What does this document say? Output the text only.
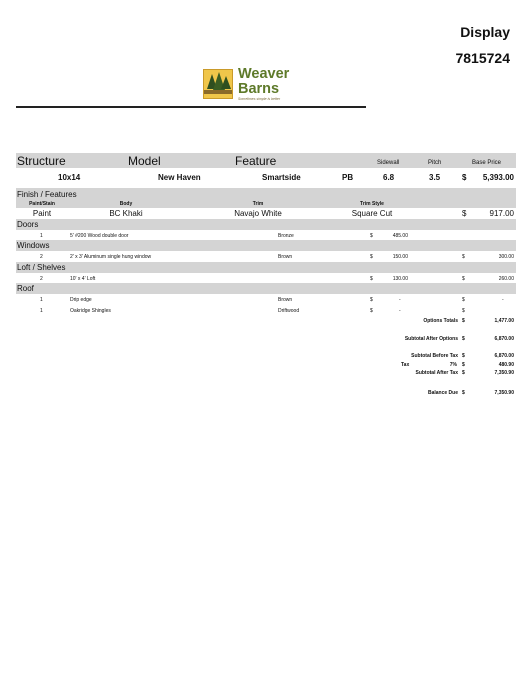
Display
7815724
Weaver Barns
Sometimes simple is better
Structure	Model	Feature	Sidewall	Pitch	Base Price
10x14	New Haven	Smartside	PB	6.8	3.5	$	5,393.00
Finish / Features
Paint/Stain	Body	Trim	Trim Style
Paint	BC Khaki	Navajo White	Square Cut	$	917.00
Doors
1	5' #200 Wood double door	Bronze	$	485.00
Windows
2	2' x 3' Aluminum single hung window	Brown	$	150.00	$	300.00
Loft / Shelves
2	10' x 4' Loft	$	130.00	$	260.00
Roof
1	Drip edge	Brown	$	-	$	-
1	Oakridge Shingles	Driftwood	$	-	$
Options Totals $	1,477.00
Subtotal After Options $	6,870.00
Subtotal Before Tax $	6,870.00
Tax	7% $	480.90
Subtotal After Tax $	7,350.90
Balance Due $	7,350.90
